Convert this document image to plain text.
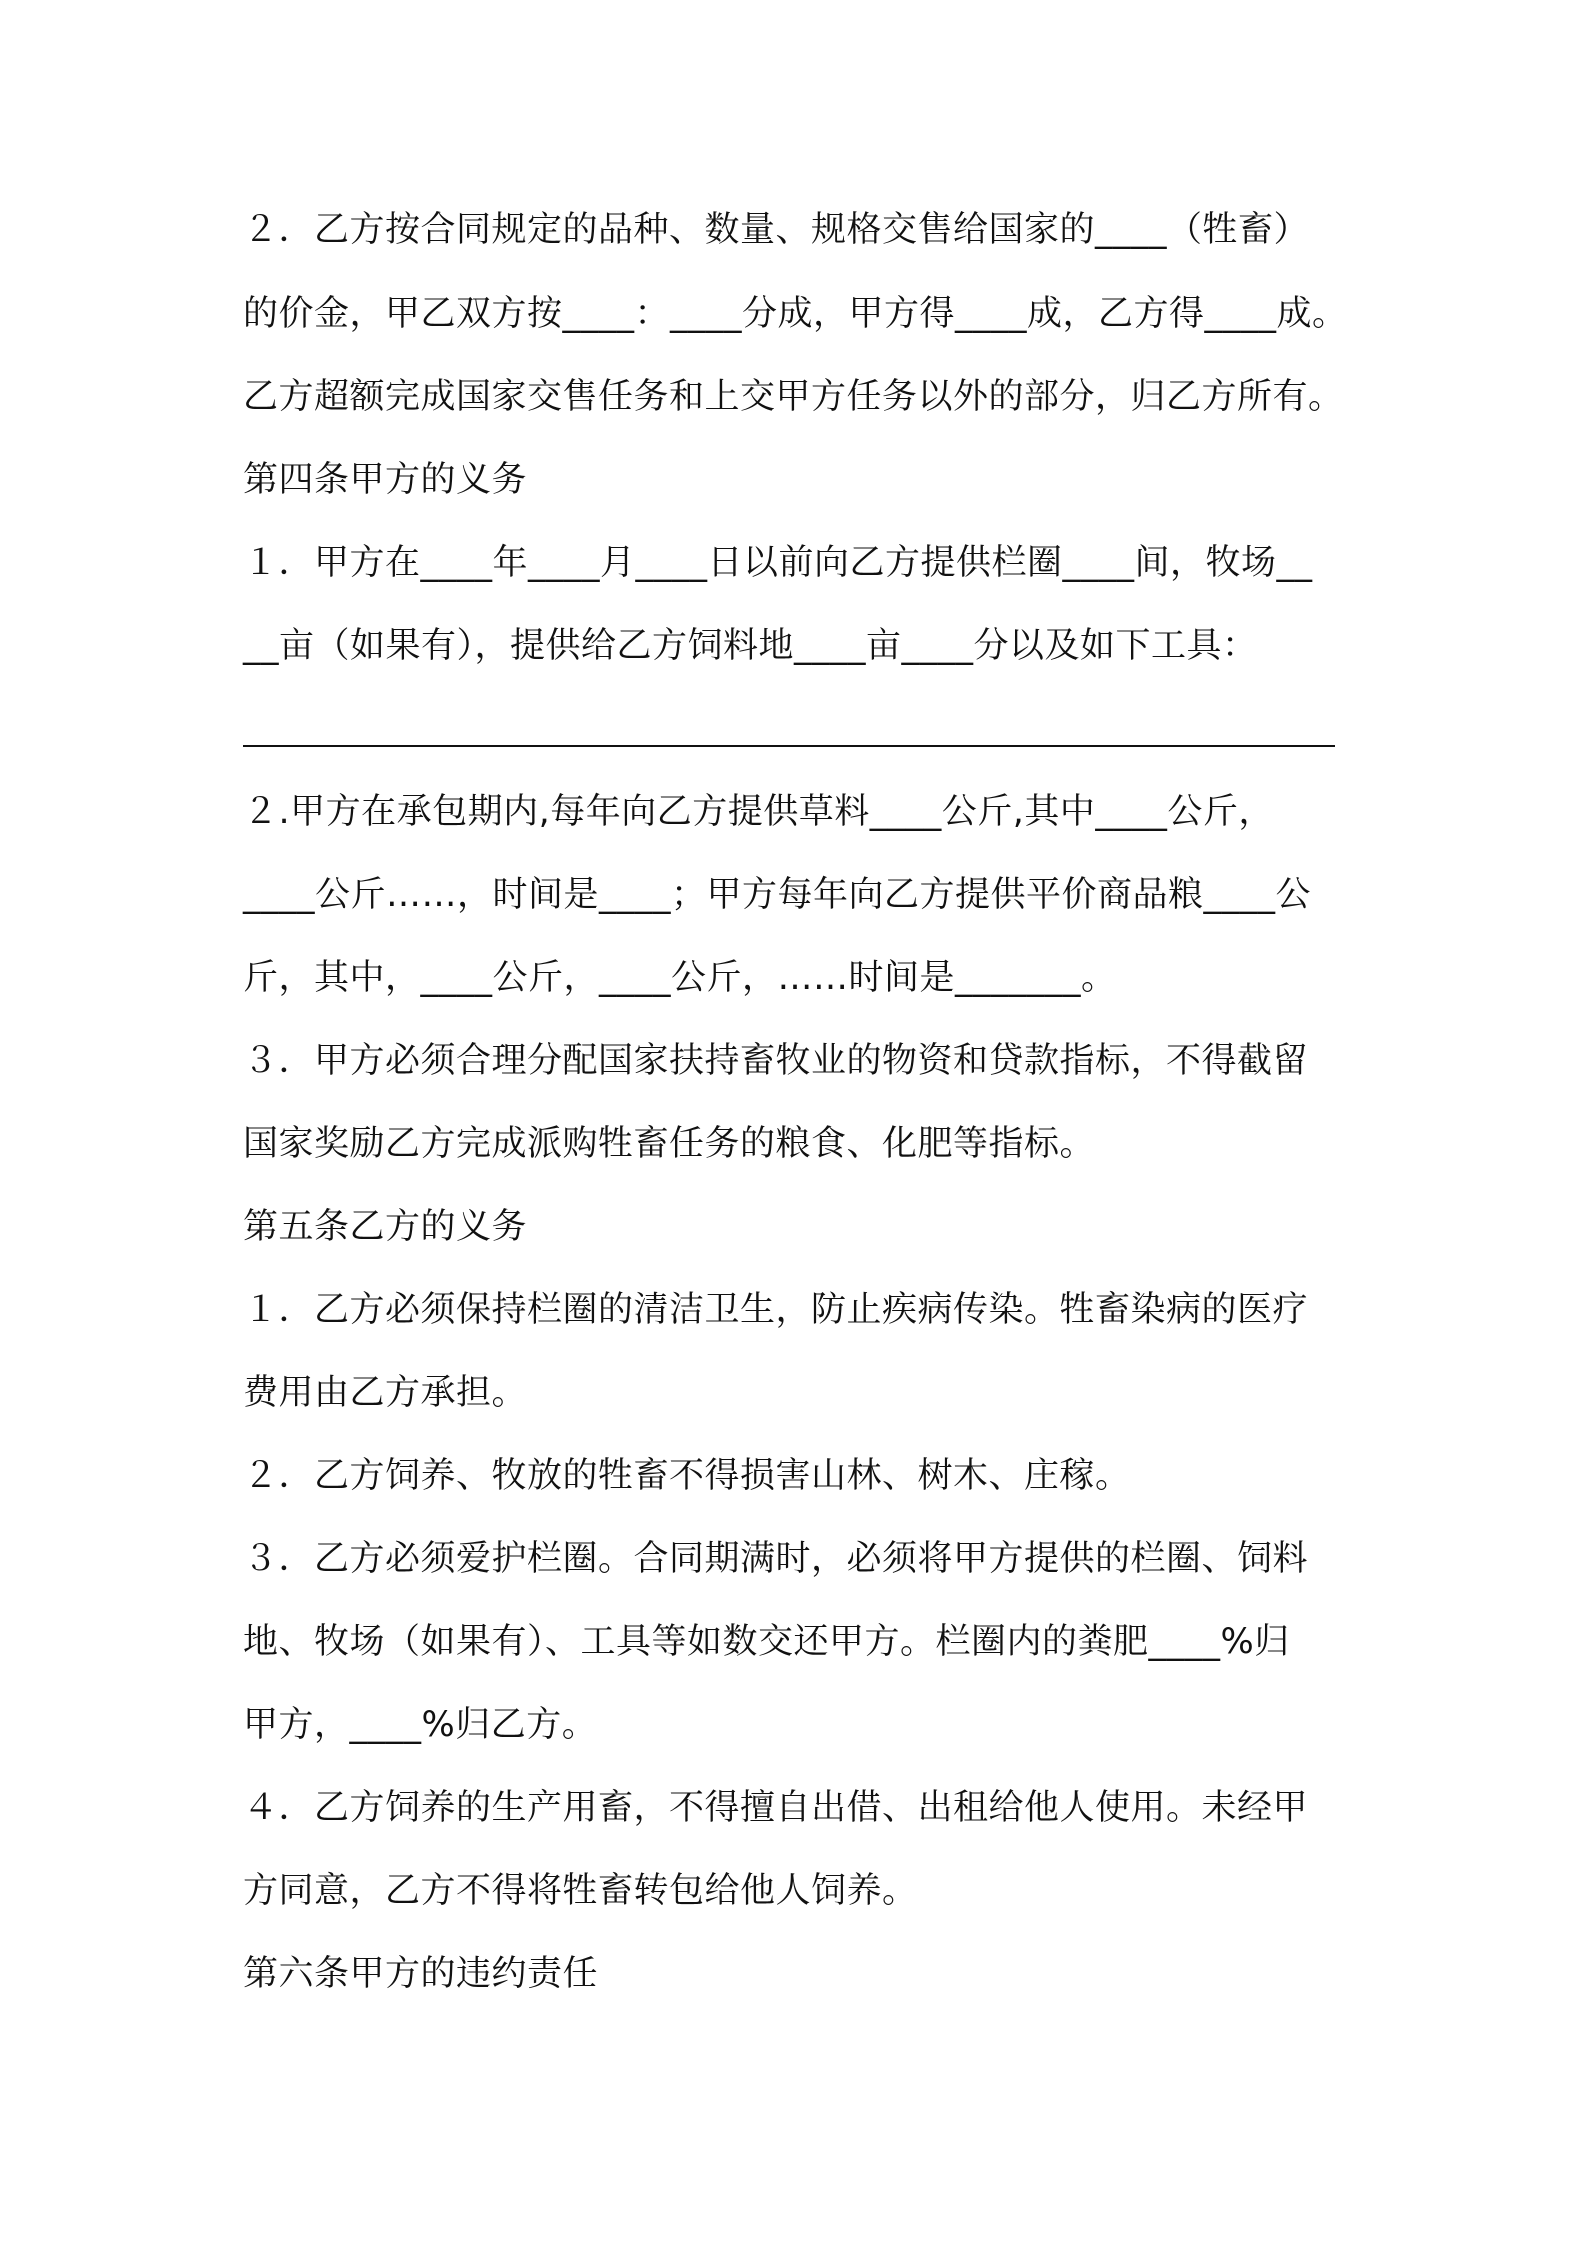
２．乙方按合同规定的品种、数量、规格交售给国家的____（牲畜）
的价金，甲乙双方按____：____分成，甲方得____成，乙方得____成。
乙方超额完成国家交售任务和上交甲方任务以外的部分，归乙方所有。
第四条甲方的义务
１．甲方在____年____月____日以前向乙方提供栏圈____间，牧场__
__亩（如果有），提供给乙方饲料地____亩____分以及如下工具：
２.甲方在承包期内,每年向乙方提供草料____公斤,其中____公斤，
____公斤……，时间是____；甲方每年向乙方提供平价商品粮____公
斤，其中，____公斤，____公斤，……时间是_______。
３．甲方必须合理分配国家扶持畜牧业的物资和贷款指标，不得截留
国家奖励乙方完成派购牲畜任务的粮食、化肥等指标。
第五条乙方的义务
１．乙方必须保持栏圈的清洁卫生，防止疾病传染。牲畜染病的医疗
费用由乙方承担。
２．乙方饲养、牧放的牲畜不得损害山林、树木、庄稼。
３．乙方必须爱护栏圈。合同期满时，必须将甲方提供的栏圈、饲料
地、牧场（如果有）、工具等如数交还甲方。栏圈内的粪肥____%归
甲方，____%归乙方。
４．乙方饲养的生产用畜，不得擅自出借、出租给他人使用。未经甲
方同意，乙方不得将牲畜转包给他人饲养。
第六条甲方的违约责任
